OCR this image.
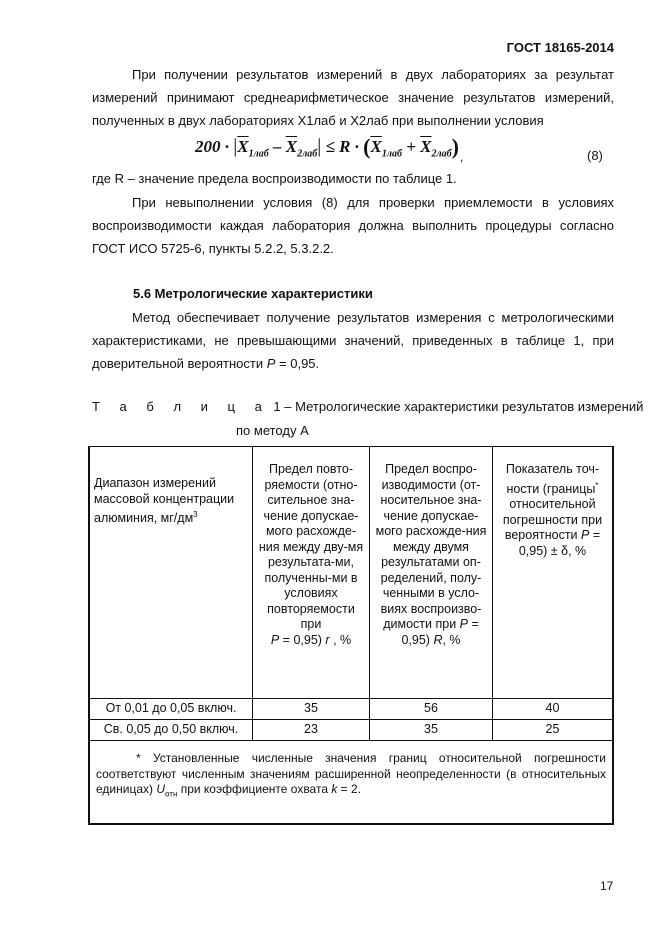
ГОСТ 18165-2014
При получении результатов измерений в двух лабораториях за результат измерений принимают среднеарифметическое значение результатов измерений, полученных в двух лабораториях Х1лаб и Х2лаб при выполнении условия
$200 \cdot |\overline{X}_{1лаб} - \overline{X}_{2лаб}| \le R \cdot (\overline{X}_{1лаб} + \overline{X}_{2лаб})$ ,	(8)
где R – значение предела воспроизводимости по таблице 1.
При невыполнении условия (8) для проверки приемлемости в условиях воспроизводимости каждая лаборатория должна выполнить процедуры согласно ГОСТ ИСО 5725-6, пункты 5.2.2, 5.3.2.2.
5.6 Метрологические характеристики
Метод обеспечивает получение результатов измерения с метрологическими характеристиками, не превышающими значений, приведенных в таблице 1, при доверительной вероятности Р = 0,95.
Т а б л и ц а 1 – Метрологические характеристики результатов измерений
по методу А
Диапазон измерений массовой концентрации алюминия, $мг/дм^3$	Предел повто-ряемости (отно-сительное зна-чение допускае-мого расхожде-ния между дву-мя результата-ми, полученны-ми в условиях повторяемости при
Р = 0,95) r , %	Предел воспро-изводимости (от-носительное зна-чение допускае-мого расхожде-ния между двумя результатами оп-ределений, полу-ченными в усло-виях воспроизво-димости при Р = 0,95) R, %	Показатель точ-ности (границы* относительной погрешности при вероятности Р = 0,95) ± δ, %
От 0,01 до 0,05 включ.	35	56	40
Св. 0,05 до 0,50 включ.	23	35	25

* Установленные численные значения границ относительной погрешности соответствуют численным значениям расширенной неопределенности (в относительных единицах) $U_{отн}$ при коэффициенте охвата k = 2.			
17
